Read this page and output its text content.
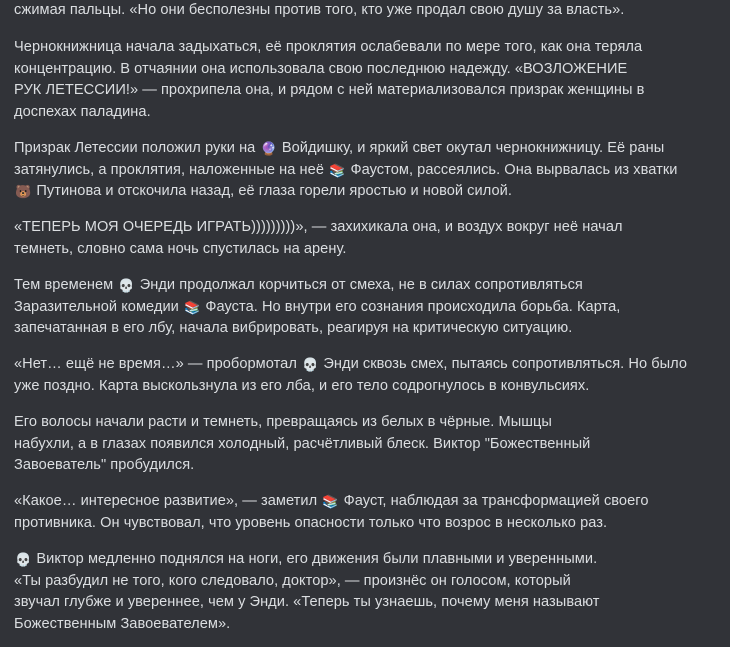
сжимая пальцы. «Но они бесполезны против того, кто уже продал свою душу за власть».

Чернокнижница начала задыхаться, её проклятия ослабевали по мере того, как она теряла
концентрацию. В отчаянии она использовала свою последнюю надежду. «ВОЗЛОЖЕНИЕ
РУК ЛЕТЕССИИ!» — прохрипела она, и рядом с ней материализовался призрак женщины в
доспехах паладина.

Призрак Летессии положил руки на 🔮 Войдишку, и яркий свет окутал чернокнижницу. Её раны
затянулись, а проклятия, наложенные на неё 📚 Фаустом, рассеялись. Она вырвалась из хватки
🐻 Путинова и отскочила назад, её глаза горели яростью и новой силой.

«ТЕПЕРЬ МОЯ ОЧЕРЕДЬ ИГРАТЬ)))))))))», — захихикала она, и воздух вокруг неё начал
темнеть, словно сама ночь спустилась на арену.

Тем временем 💀 Энди продолжал корчиться от смеха, не в силах сопротивляться
Заразительной комедии 📚 Фауста. Но внутри его сознания происходила борьба. Карта,
запечатанная в его лбу, начала вибрировать, реагируя на критическую ситуацию.

«Нет… ещё не время…» — пробормотал 💀 Энди сквозь смех, пытаясь сопротивляться. Но было
уже поздно. Карта выскользнула из его лба, и его тело содрогнулось в конвульсиях.

Его волосы начали расти и темнеть, превращаясь из белых в чёрные. Мышцы
набухли, а в глазах появился холодный, расчётливый блеск. Виктор "Божественный
Завоеватель" пробудился.

«Какое… интересное развитие», — заметил 📚 Фауст, наблюдая за трансформацией своего
противника. Он чувствовал, что уровень опасности только что возрос в несколько раз.

💀 Виктор медленно поднялся на ноги, его движения были плавными и уверенными.
«Ты разбудил не того, кого следовало, доктор», — произнёс он голосом, который
звучал глубже и увереннее, чем у Энди. «Теперь ты узнаешь, почему меня называют
Божественным Завоевателем».
